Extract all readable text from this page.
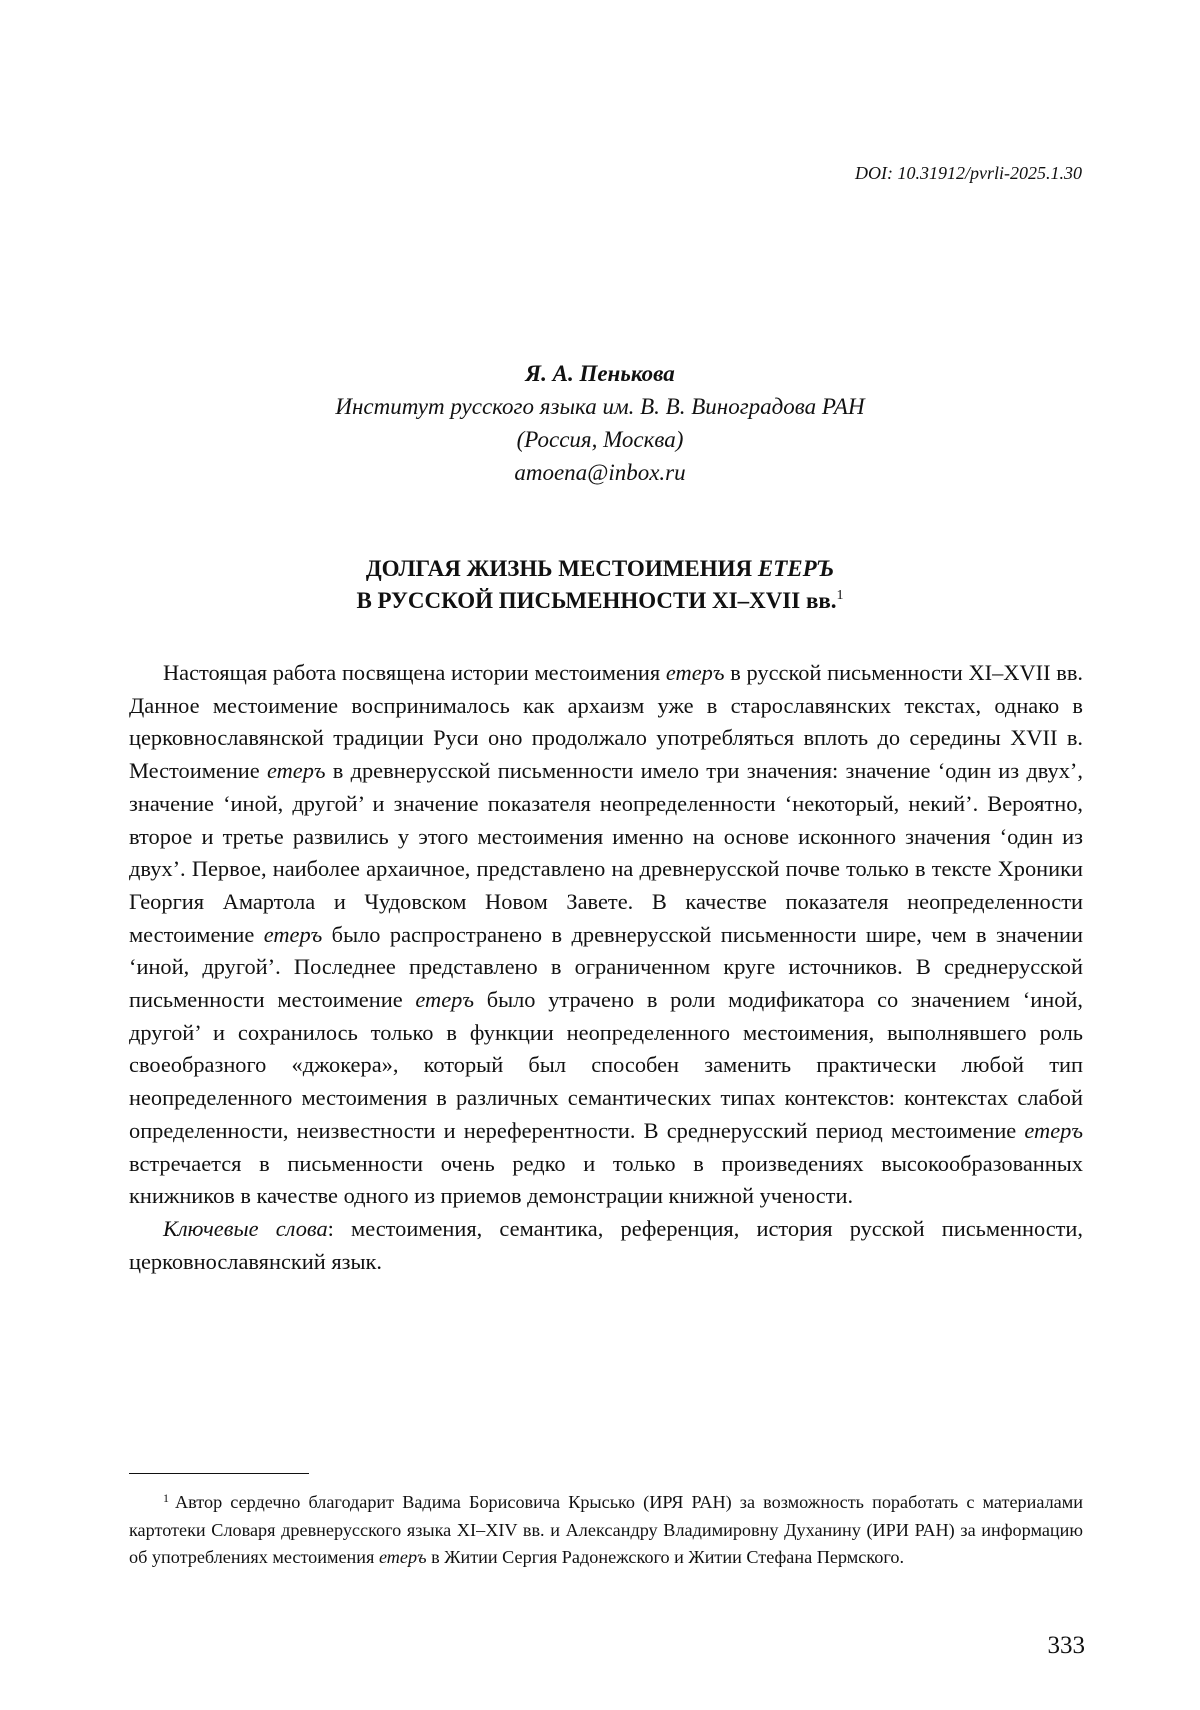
DOI: 10.31912/pvrli-2025.1.30
Я. А. Пенькова
Институт русского языка им. В. В. Виноградова РАН
(Россия, Москва)
amoena@inbox.ru
ДОЛГАЯ ЖИЗНЬ МЕСТОИМЕНИЯ ЕТЕРЪ
В РУССКОЙ ПИСЬМЕННОСТИ XI–XVII вв.$^1$

Настоящая работа посвящена истории местоимения етеръ в русской письменности XI–XVII вв. Данное местоимение воспринималось как архаизм уже в старославянских текстах, однако в церковнославянской традиции Руси оно продолжало употребляться вплоть до середины XVII в. Местоимение етеръ в древнерусской письменности имело три значения: значение ‘один из двух’, значение ‘иной, другой’ и значение показателя неопределенности ‘некоторый, некий’. Вероятно, второе и третье развились у этого местоимения именно на основе исконного значения ‘один из двух’. Первое, наиболее архаичное, представлено на древнерусской почве только в тексте Хроники Георгия Амартола и Чудовском Новом Завете. В качестве показателя неопределенности местоимение етеръ было распространено в древнерусской письменности шире, чем в значении ‘иной, другой’. Последнее представлено в ограниченном круге источников. В среднерусской письменности местоимение етеръ было утрачено в роли модификатора со значением ‘иной, другой’ и сохранилось только в функции неопределенного местоимения, выполнявшего роль своеобразного «джокера», который был способен заменить практически любой тип неопределенного местоимения в различных семантических типах контекстов: контекстах слабой определенности, неизвестности и нереферентности. В среднерусский период местоимение етеръ встречается в письменности очень редко и только в произведениях высокообразованных книжников в качестве одного из приемов демонстрации книжной учености.

Ключевые слова: местоимения, семантика, референция, история русской письменности, церковнославянский язык.

$^1$ Автор сердечно благодарит Вадима Борисовича Крысько (ИРЯ РАН) за возможность поработать с материалами картотеки Словаря древнерусского языка XI–XIV вв. и Александру Владимировну Духанину (ИРИ РАН) за информацию об употреблениях местоимения етеръ в Житии Сергия Радонежского и Житии Стефана Пермского.

333
